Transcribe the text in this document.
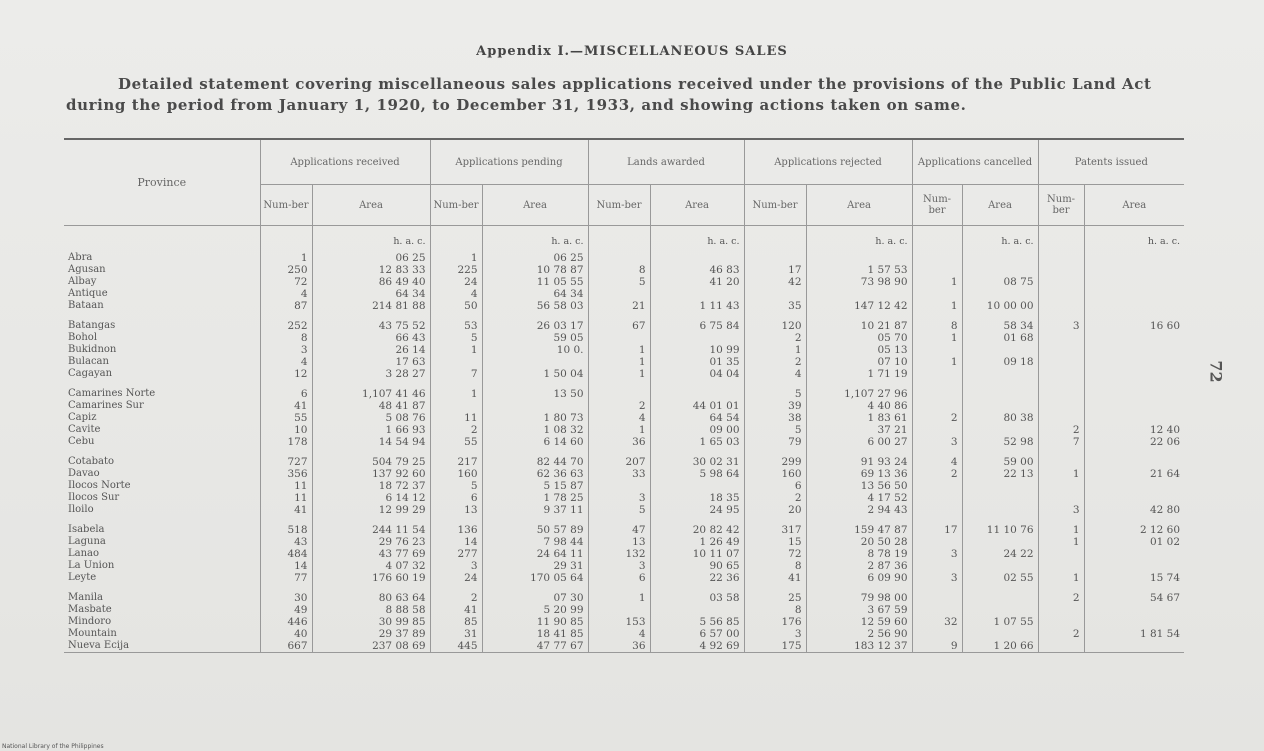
Appendix I.—MISCELLANEOUS SALES
Detailed statement covering miscellaneous sales applications received under the provisions of the Public Land Act during the period from January 1, 1920, to December 31, 1933, and showing actions taken on same.
72
Province	Applications received		Applications pending		Lands awarded		Applications rejected		Applications cancelled		Patents issued	
	Num-ber	Area	Num-ber	Area	Num-ber	Area	Num-ber	Area	Num-ber	Area	Num-ber	Area
		h. a. c.		h. a. c.		h. a. c.		h. a. c.		h. a. c.		h. a. c.
Abra	1	06 25	1	06 25								
Agusan	250	12 83 33	225	10 78 87	8	46 83	17	1 57 53				
Albay	72	86 49 40	24	11 05 55	5	41 20	42	73 98 90	1	08 75		
Antique	4	64 34	4	64 34								
Bataan	87	214 81 88	50	56 58 03	21	1 11 43	35	147 12 42	1	10 00 00		

Batangas	252	43 75 52	53	26 03 17	67	6 75 84	120	10 21 87	8	58 34	3	16 60
Bohol	8	66 43	5	59 05			2	05 70	1	01 68		
Bukidnon	3	26 14	1	10 0.	1	10 99	1	05 13				
Bulacan	4	17 63			1	01 35	2	07 10	1	09 18		
Cagayan	12	3 28 27	7	1 50 04	1	04 04	4	1 71 19				

Camarines Norte	6	1,107 41 46	1	13 50			5	1,107 27 96				
Camarines Sur	41	48 41 87			2	44 01 01	39	4 40 86				
Capiz	55	5 08 76	11	1 80 73	4	64 54	38	1 83 61	2	80 38		
Cavite	10	1 66 93	2	1 08 32	1	09 00	5	37 21			2	12 40
Cebu	178	14 54 94	55	6 14 60	36	1 65 03	79	6 00 27	3	52 98	7	22 06

Cotabato	727	504 79 25	217	82 44 70	207	30 02 31	299	91 93 24	4	59 00		
Davao	356	137 92 60	160	62 36 63	33	5 98 64	160	69 13 36	2	22 13	1	21 64
Ilocos Norte	11	18 72 37	5	5 15 87			6	13 56 50				
Ilocos Sur	11	6 14 12	6	1 78 25	3	18 35	2	4 17 52				
Iloilo	41	12 99 29	13	9 37 11	5	24 95	20	2 94 43			3	42 80

Isabela	518	244 11 54	136	50 57 89	47	20 82 42	317	159 47 87	17	11 10 76	1	2 12 60
Laguna	43	29 76 23	14	7 98 44	13	1 26 49	15	20 50 28			1	01 02
Lanao	484	43 77 69	277	24 64 11	132	10 11 07	72	8 78 19	3	24 22		
La Union	14	4 07 32	3	29 31	3	90 65	8	2 87 36				
Leyte	77	176 60 19	24	170 05 64	6	22 36	41	6 09 90	3	02 55	1	15 74

Manila	30	80 63 64	2	07 30	1	03 58	25	79 98 00			2	54 67
Masbate	49	8 88 58	41	5 20 99			8	3 67 59				
Mindoro	446	30 99 85	85	11 90 85	153	5 56 85	176	12 59 60	32	1 07 55		
Mountain	40	29 37 89	31	18 41 85	4	6 57 00	3	2 56 90			2	1 81 54
Nueva Ecija	667	237 08 69	445	47 77 67	36	4 92 69	175	183 12 37	9	1 20 66		
National Library of the Philippines
